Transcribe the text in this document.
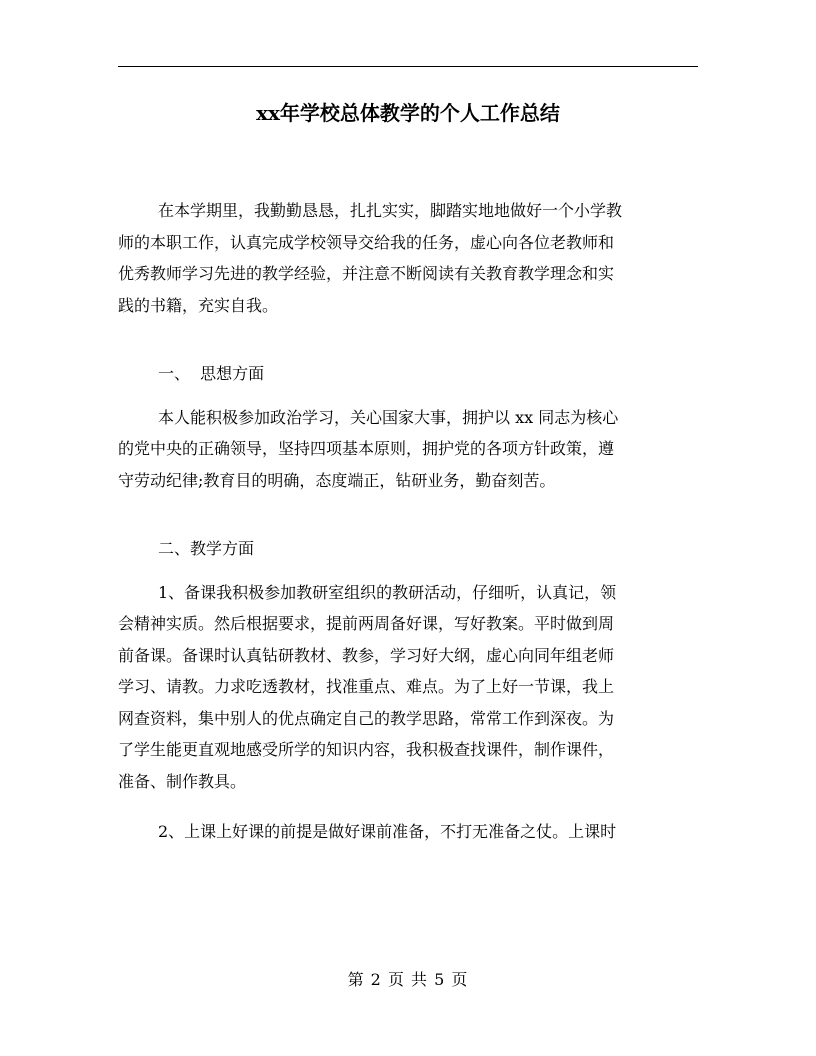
xx年学校总体教学的个人工作总结

在本学期里，我勤勤恳恳，扎扎实实，脚踏实地地做好一个小学教

师的本职工作，认真完成学校领导交给我的任务，虚心向各位老教师和

优秀教师学习先进的教学经验，并注意不断阅读有关教育教学理念和实

践的书籍，充实自我。

一、  思想方面

本人能积极参加政治学习，关心国家大事，拥护以 xx 同志为核心

的党中央的正确领导，坚持四项基本原则，拥护党的各项方针政策，遵

守劳动纪律;教育目的明确，态度端正，钻研业务，勤奋刻苦。

二、教学方面

1、备课我积极参加教研室组织的教研活动，仔细听，认真记，领

会精神实质。然后根据要求，提前两周备好课，写好教案。平时做到周

前备课。备课时认真钻研教材、教参，学习好大纲，虚心向同年组老师

学习、请教。力求吃透教材，找准重点、难点。为了上好一节课，我上

网查资料，集中别人的优点确定自己的教学思路，常常工作到深夜。为

了学生能更直观地感受所学的知识内容，我积极查找课件，制作课件，

准备、制作教具。

2、上课上好课的前提是做好课前准备，不打无准备之仗。上课时

第 2 页 共 5 页
